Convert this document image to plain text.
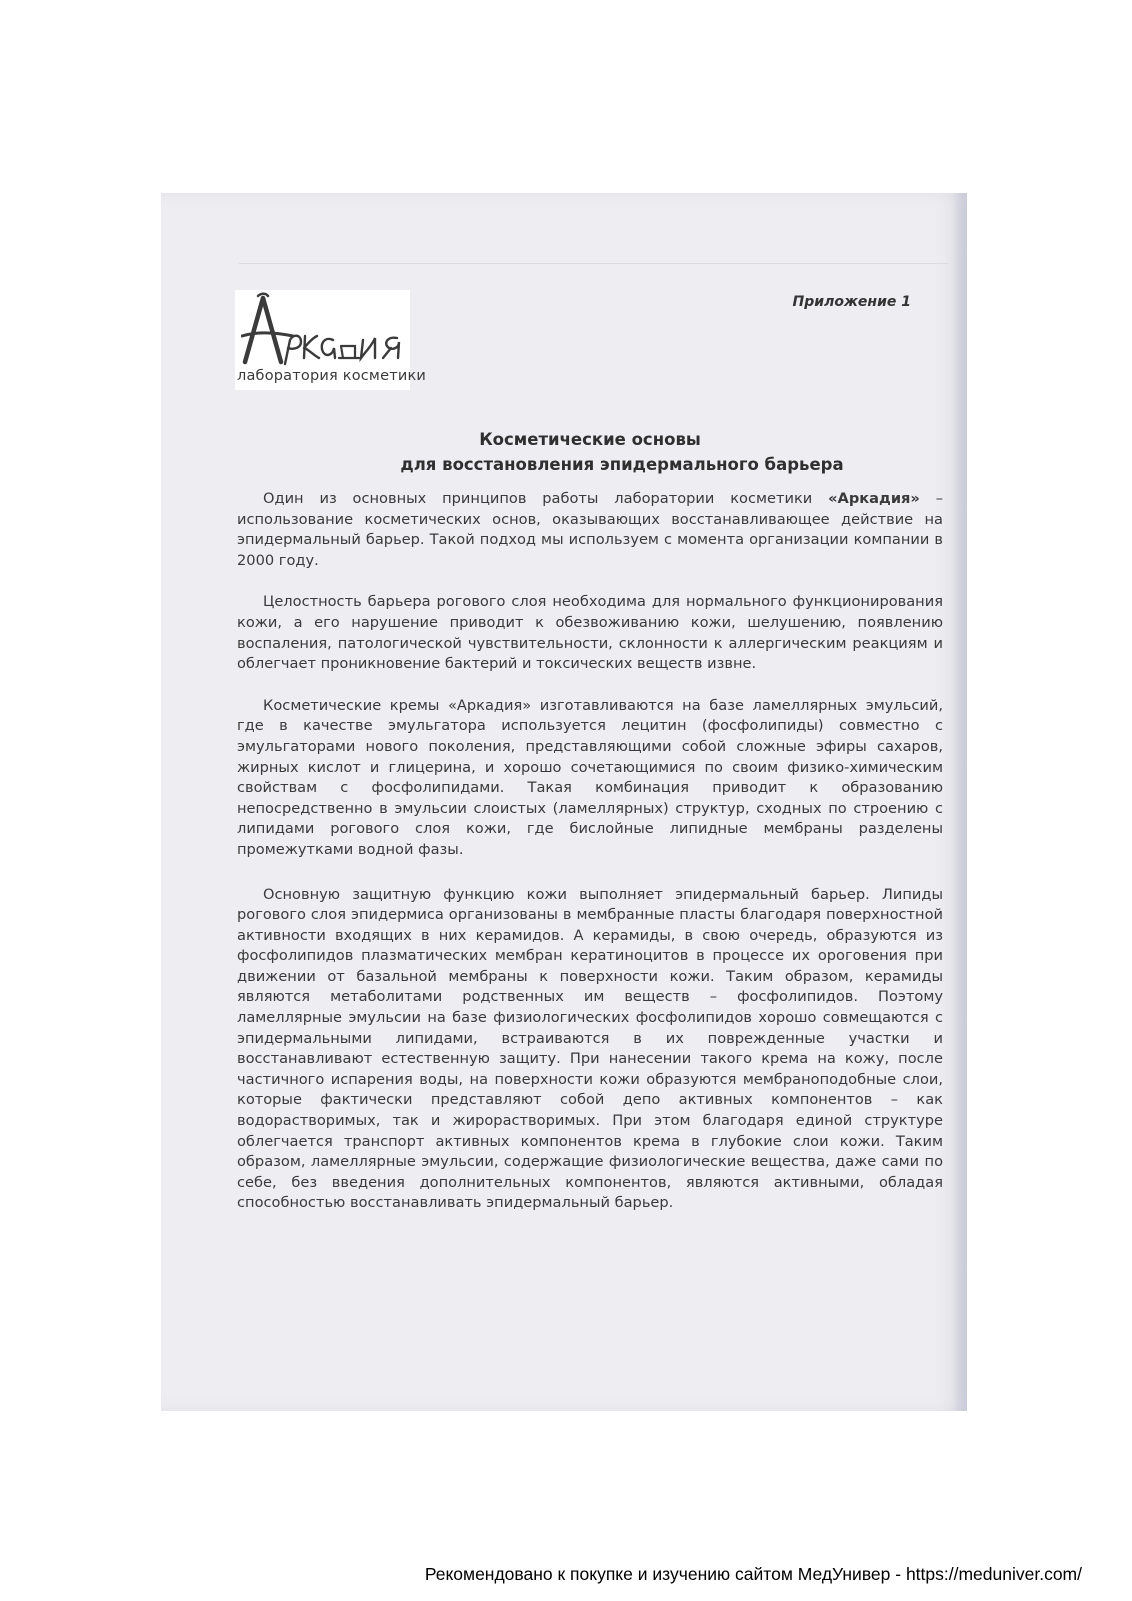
лаборатория косметики
Приложение 1
Косметические основы
для восстановления эпидермального барьера

Один из основных принципов работы лаборатории косметики «Аркадия» – использование косметических основ, оказывающих восстанавливающее действие на эпидермальный барьер. Такой подход мы используем с момента организации компании в 2000 году.

Целостность барьера рогового слоя необходима для нормального функционирования кожи, а его нарушение приводит к обезвоживанию кожи, шелушению, появлению воспаления, патологической чувствительности, склонности к аллергическим реакциям и облегчает проникновение бактерий и токсических веществ извне.

Косметические кремы «Аркадия» изготавливаются на базе ламеллярных эмульсий, где в качестве эмульгатора используется лецитин (фосфолипиды) совместно с эмульгаторами нового поколения, представляющими собой сложные эфиры сахаров, жирных кислот и глицерина, и хорошо сочетающимися по своим физико-химическим свойствам с фосфолипидами. Такая комбинация приводит к образованию непосредственно в эмульсии слоистых (ламеллярных) структур, сходных по строению с липидами рогового слоя кожи, где бислойные липидные мембраны разделены промежутками водной фазы.

Основную защитную функцию кожи выполняет эпидермальный барьер. Липиды рогового слоя эпидермиса организованы в мембранные пласты благодаря поверхностной активности входящих в них керамидов. А керамиды, в свою очередь, образуются из фосфолипидов плазматических мембран кератиноцитов в процессе их ороговения при движении от базальной мембраны к поверхности кожи. Таким образом, керамиды являются метаболитами родственных им веществ – фосфолипидов. Поэтому ламеллярные эмульсии на базе физиологических фосфолипидов хорошо совмещаются с эпидермальными липидами, встраиваются в их поврежденные участки и восстанавливают естественную защиту. При нанесении такого крема на кожу, после частичного испарения воды, на поверхности кожи образуются мембраноподобные слои, которые фактически представляют собой депо активных компонентов – как водорастворимых, так и жирорастворимых. При этом благодаря единой структуре облегчается транспорт активных компонентов крема в глубокие слои кожи. Таким образом, ламеллярные эмульсии, содержащие физиологические вещества, даже сами по себе, без введения дополнительных компонентов, являются активными, обладая способностью восстанавливать эпидермальный барьер.

Рекомендовано к покупке и изучению сайтом МедУнивер - https://meduniver.com/
